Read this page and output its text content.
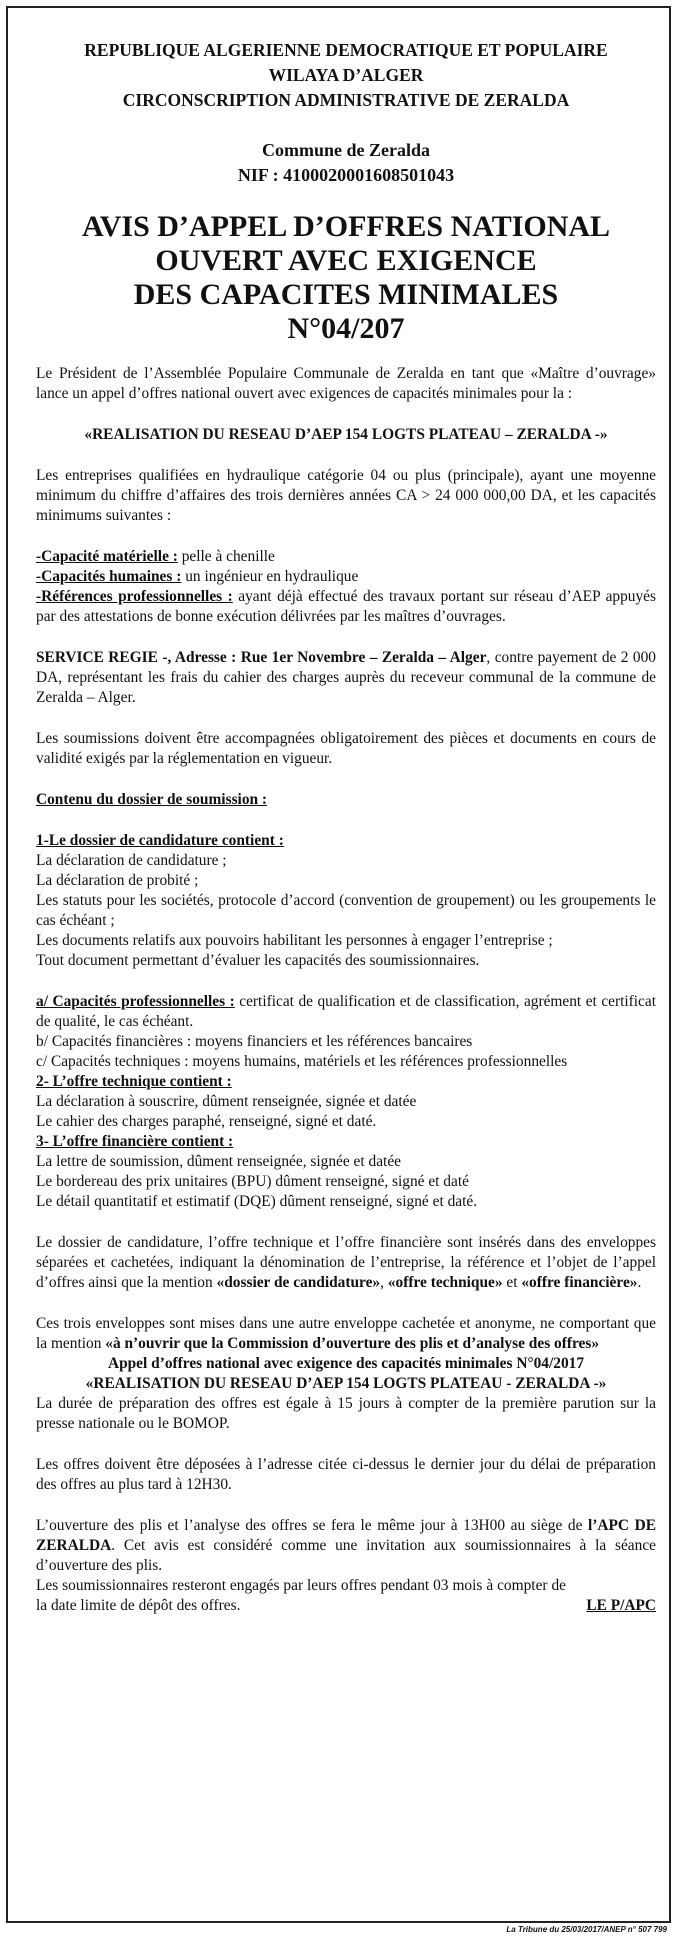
REPUBLIQUE ALGERIENNE DEMOCRATIQUE ET POPULAIRE
WILAYA D’ALGER
CIRCONSCRIPTION ADMINISTRATIVE DE ZERALDA
Commune de Zeralda
NIF : 4100020001608501043
AVIS D’APPEL D’OFFRES NATIONAL
OUVERT AVEC EXIGENCE
DES CAPACITES MINIMALES
N°04/207

Le Président de l’Assemblée Populaire Communale de Zeralda en tant que «Maître d’ouvrage» lance un appel d’offres national ouvert avec exigences de capacités minimales pour la :

«REALISATION DU RESEAU D’AEP 154 LOGTS PLATEAU – ZERALDA -»

Les entreprises qualifiées en hydraulique catégorie 04 ou plus (principale), ayant une moyenne minimum du chiffre d’affaires des trois dernières années CA > 24 000 000,00 DA, et les capacités minimums suivantes :

-Capacité matérielle : pelle à chenille

-Capacités humaines : un ingénieur en hydraulique

-Références professionnelles : ayant déjà effectué des travaux portant sur réseau d’AEP appuyés par des attestations de bonne exécution délivrées par les maîtres d’ouvrages.

SERVICE REGIE -, Adresse : Rue 1er Novembre – Zeralda – Alger, contre payement de 2 000 DA, représentant les frais du cahier des charges auprès du receveur communal de la commune de Zeralda – Alger.

Les soumissions doivent être accompagnées obligatoirement des pièces et documents en cours de validité exigés par la réglementation en vigueur.

Contenu du dossier de soumission :

1-Le dossier de candidature contient :

La déclaration de candidature ;

La déclaration de probité ;

Les statuts pour les sociétés, protocole d’accord (convention de groupement) ou les groupements le cas échéant ;

Les documents relatifs aux pouvoirs habilitant les personnes à engager l’entreprise ;

Tout document permettant d’évaluer les capacités des soumissionnaires.

a/ Capacités professionnelles : certificat de qualification et de classification, agrément et certificat de qualité, le cas échéant.

b/ Capacités financières : moyens financiers et les références bancaires

c/ Capacités techniques : moyens humains, matériels et les références professionnelles

2- L’offre technique contient :

La déclaration à souscrire, dûment renseignée, signée et datée

Le cahier des charges paraphé, renseigné, signé et daté.

3- L’offre financière contient :

La lettre de soumission, dûment renseignée, signée et datée

Le bordereau des prix unitaires (BPU) dûment renseigné, signé et daté

Le détail quantitatif et estimatif (DQE) dûment renseigné, signé et daté.

Le dossier de candidature, l’offre technique et l’offre financière sont insérés dans des enveloppes séparées et cachetées, indiquant la dénomination de l’entreprise, la référence et l’objet de l’appel d’offres ainsi que la mention «dossier de candidature», «offre technique» et «offre financière».

Ces trois enveloppes sont mises dans une autre enveloppe cachetée et anonyme, ne comportant que la mention «à n’ouvrir que la Commission d’ouverture des plis et d’analyse des offres»

Appel d’offres national avec exigence des capacités minimales N°04/2017

«REALISATION DU RESEAU D’AEP 154 LOGTS PLATEAU - ZERALDA -»

La durée de préparation des offres est égale à 15 jours à compter de la première parution sur la presse nationale ou le BOMOP.

Les offres doivent être déposées à l’adresse citée ci-dessus le dernier jour du délai de préparation des offres au plus tard à 12H30.

L’ouverture des plis et l’analyse des offres se fera le même jour à 13H00 au siège de l’APC DE ZERALDA. Cet avis est considéré comme une invitation aux soumissionnaires à la séance d’ouverture des plis.

Les soumissionnaires resteront engagés par leurs offres pendant 03 mois à compter de la date limite de dépôt des offres.	LE P/APC

La Tribune du 25/03/2017/ANEP n° 507 799
